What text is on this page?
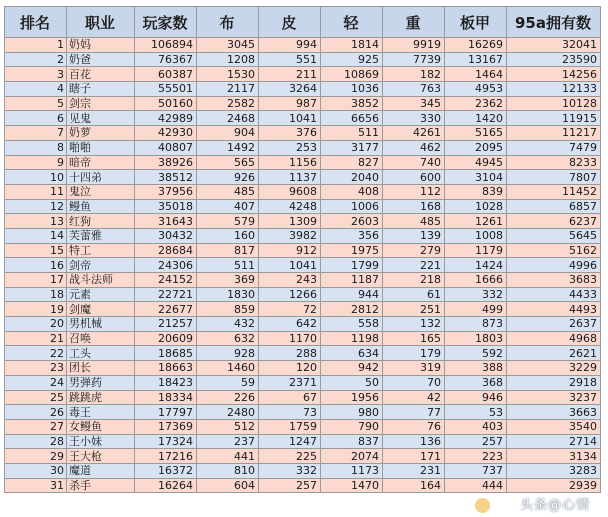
排名	职业	玩家数	布	皮	轻	重	板甲	95a拥有数
1	奶妈	106894	3045	994	1814	9919	16269	32041
2	奶爸	76367	1208	551	925	7739	13167	23590
3	百花	60387	1530	211	10869	182	1464	14256
4	瞎子	55501	2117	3264	1036	763	4953	12133
5	剑宗	50160	2582	987	3852	345	2362	10128
6	见鬼	42989	2468	1041	6656	330	1420	11915
7	奶萝	42930	904	376	511	4261	5165	11217
8	啪啪	40807	1492	253	3177	462	2095	7479
9	暗帝	38926	565	1156	827	740	4945	8233
10	十四弟	38512	926	1137	2040	600	3104	7807
11	鬼泣	37956	485	9608	408	112	839	11452
12	鳗鱼	35018	407	4248	1006	168	1028	6857
13	红狗	31643	579	1309	2603	485	1261	6237
14	芙蕾雅	30432	160	3982	356	139	1008	5645
15	特工	28684	817	912	1975	279	1179	5162
16	剑帝	24306	511	1041	1799	221	1424	4996
17	战斗法师	24152	369	243	1187	218	1666	3683
18	元素	22721	1830	1266	944	61	332	4433
19	剑魔	22677	859	72	2812	251	499	4493
20	男机械	21257	432	642	558	132	873	2637
21	召唤	20609	632	1170	1198	165	1803	4968
22	工头	18685	928	288	634	179	592	2621
23	团长	18663	1460	120	942	319	388	3229
24	男弹药	18423	59	2371	50	70	368	2918
25	跳跳虎	18334	226	67	1956	42	946	3237
26	毒王	17797	2480	73	980	77	53	3663
27	女鳗鱼	17369	512	1759	790	76	403	3540
28	王小妹	17324	237	1247	837	136	257	2714
29	王大枪	17216	441	225	2074	171	223	3134
30	魔道	16372	810	332	1173	231	737	3283
31	杀手	16264	604	257	1470	164	444	2939
头条@心情
